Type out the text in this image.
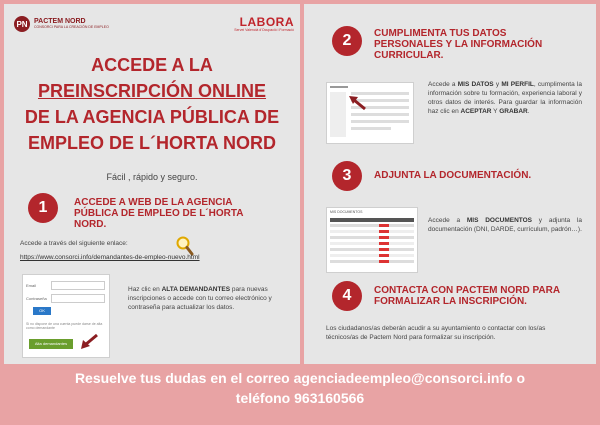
PN PACTEM NORD
CONSORCI PARA LA CREACIÓN DE EMPLEO	LABORA
Servei Valencià d'Ocupació i Formació
ACCEDE A LA
PREINSCRIPCIÓN ONLINE
DE LA AGENCIA PÚBLICA DE
EMPLEO DE L´HORTA NORD
Fácil , rápido y seguro.
1	ACCEDE A WEB DE LA AGENCIA PÚBLICA DE EMPLEO DE L´HORTA NORD.
Accede a través del siguiente enlace:
https://www.consorci.info/demandantes-de-empleo-nuevo.html
Email
Contraseña
OK
Si no dispone de una cuenta puede darse de alta como demandante
Alta demandantes
Haz clic en ALTA DEMANDANTES para nuevas inscripciones o accede con tu correo electrónico y contraseña para actualizar los datos.
2	CUMPLIMENTA TUS DATOS PERSONALES Y LA INFORMACIÓN CURRICULAR.
Accede a MIS DATOS y MI PERFIL, cumplimenta la información sobre tu formación, experiencia laboral y otros datos de interés. Para guardar la información haz clic en ACEPTAR Y GRABAR.
3	ADJUNTA LA DOCUMENTACIÓN.
MIS DOCUMENTOS
Accede a MIS DOCUMENTOS y adjunta la documentación (DNI, DARDE, currículum, padrón…).
4	CONTACTA CON PACTEM NORD PARA FORMALIZAR LA INSCRIPCIÓN.
Los ciudadanos/as deberán acudir a su ayuntamiento o contactar con los/as técnicos/as de Pactem Nord para formalizar su inscripción.
Resuelve tus dudas en el correo agenciadeempleo@consorci.info o
teléfono 963160566
